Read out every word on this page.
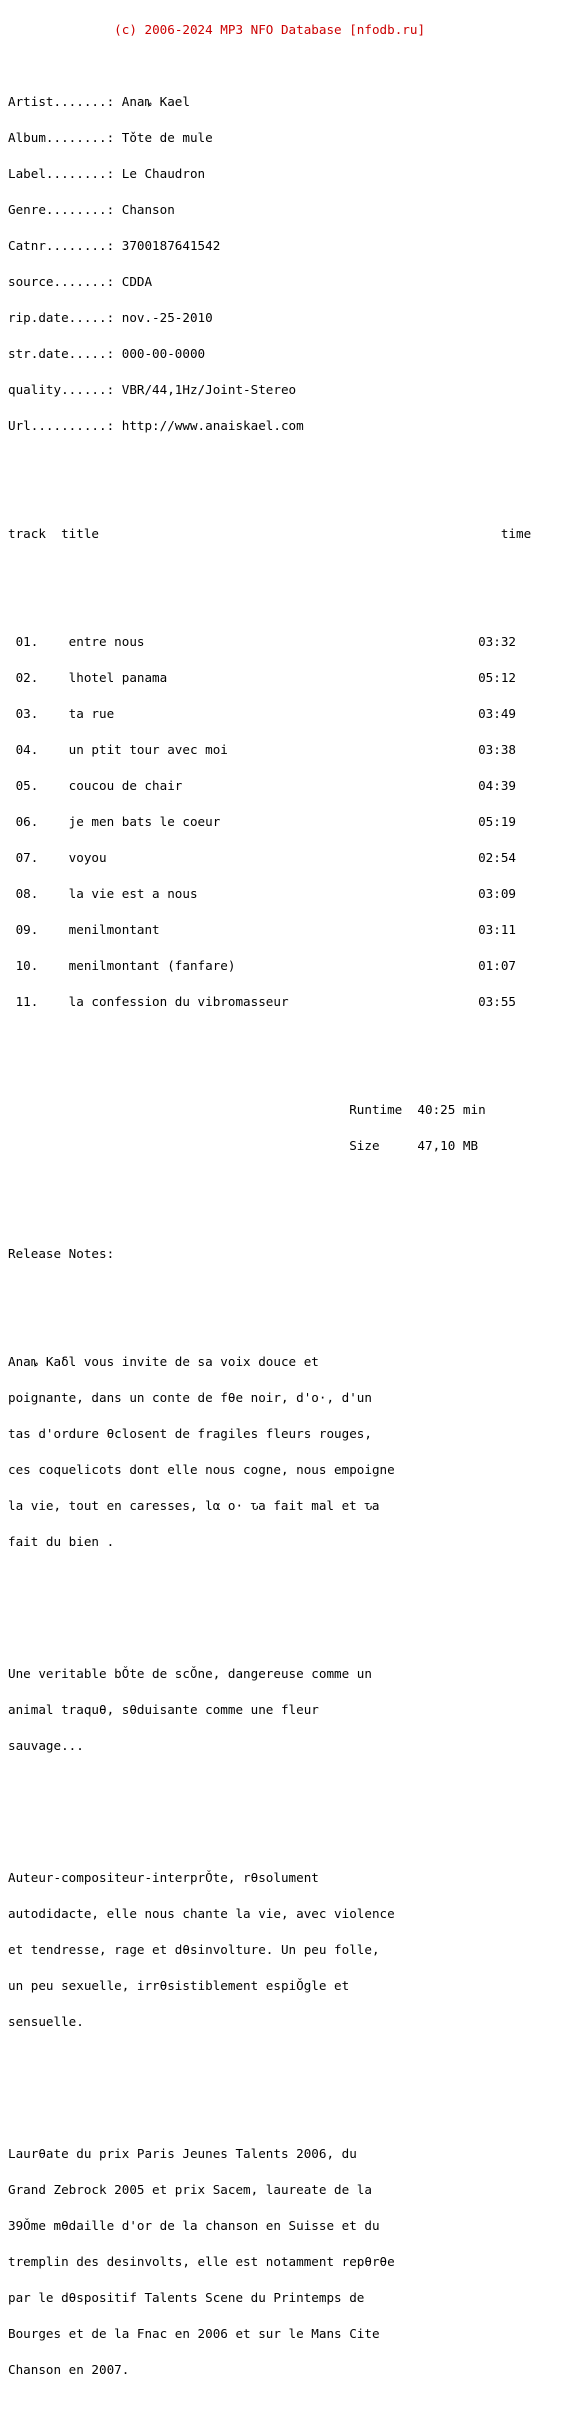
(c) 2006-2024 MP3 NFO Database [nfodb.ru]

Artist.......: Anaȵ Kael

Album........: Tǒte de mule

Label........: Le Chaudron

Genre........: Chanson

Catnr........: 3700187641542

source.......: CDDA

rip.date.....: nov.-25-2010

str.date.....: 000-00-0000

quality......: VBR/44,1Hz/Joint-Stereo

Url..........: http://www.anaiskael.com

track  title                                                     time

01.    entre nous                                            03:32

02.    lhotel panama                                         05:12

03.    ta rue                                                03:49

04.    un ptit tour avec moi                                 03:38

05.    coucou de chair                                       04:39

06.    je men bats le coeur                                  05:19

07.    voyou                                                 02:54

08.    la vie est a nous                                     03:09

09.    menilmontant                                          03:11

10.    menilmontant (fanfare)                                01:07

11.    la confession du vibromasseur                         03:55

Runtime  40:25 min

Size     47,10 MB

Release Notes:

Anaȵ Kaδl vous invite de sa voix douce et

poignante, dans un conte de fθe noir, d'o·, d'un

tas d'ordure θclosent de fragiles fleurs rouges,

ces coquelicots dont elle nous cogne, nous empoigne

la vie, tout en caresses, lα o· ԏa fait mal et ԏa

fait du bien .

Une veritable bǑte de scǑne, dangereuse comme un

animal traquθ, sθduisante comme une fleur

sauvage...

Auteur-compositeur-interprǑte, rθsolument

autodidacte, elle nous chante la vie, avec violence

et tendresse, rage et dθsinvolture. Un peu folle,

un peu sexuelle, irrθsistiblement espiǑgle et

sensuelle.

Laurθate du prix Paris Jeunes Talents 2006, du

Grand Zebrock 2005 et prix Sacem, laureate de la

39Ǒme mθdaille d'or de la chanson en Suisse et du

tremplin des desinvolts, elle est notamment repθrθe

par le dθspositif Talents Scene du Printemps de

Bourges et de la Fnac en 2006 et sur le Mans Cite

Chanson en 2007.
